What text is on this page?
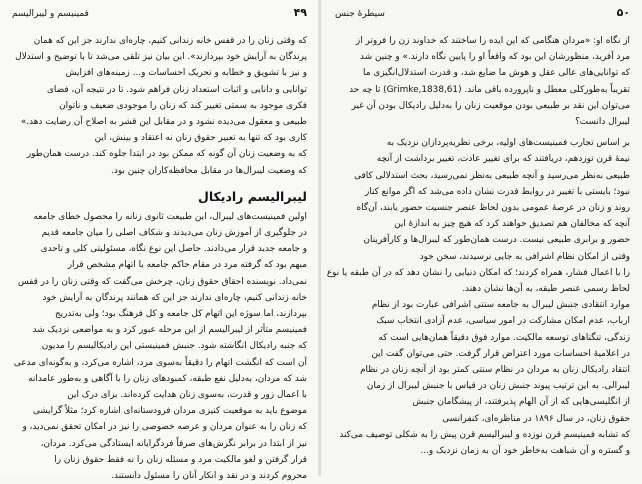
۴۹
فمینیسم و لیبرالیسم

که وقتی زنان را در قفس خانه زندانی کنیم، چاره‌ای ندارند جز این که همان

پرندگان به آرایش خود بپردازند». این بیان نیز تلقی می‌شد تا با توضیح و استدلال

و نیز با تشویق و خطابه و تحریک احساسات و... زمینه‌های افزایش

توانایی و دانایی و اثبات استعداد زنان فراهم شود. تا در نتیجه آن، فضای

فکری موجود به سمتی تغییر کند که زنان را موجودی ضعیف و ناتوان

طبیعی و معقول می‌دیده نشود و در مقابل این قشر به اصلاح آن رضایت دهد.»

کاری بود که تنها به تعبیر حقوق زنان نه اعتقاد و بینش، این

که به وضعیت زنان آن گونه که ممکن بود در ابتدا جلوه کند. درست همان‌طور

که وضعیت لیبرال‌ها در مقابل محافظه‌کاران چنین بود.

لیبرالیسم رادیکال

اولین فمینیست‌های لیبرال، این طبیعت ثانوی زنانه را محصول خطای جامعه

در جلوگیری از آموزش زنان می‌دیدند و شکاف اصلی را میان جامعه قدیم

و جامعه جدید قرار می‌دادند. حاصل این نوع نگاه، مسئولیتی کلی و تاحدی

مبهم بود که گرفته مرد در مقام حاکم جامعه با اتهام مشخص قرار

نمی‌داد. نویسنده احقاق حقوق زنان، چرخش می‌گفت که وقتی زنان را در قفس

خانه زندانی کنیم، چاره‌ای ندارند جز این که همانند پرندگان به آرایش خود

بپردازند، اما سوژه این اتهام کل جامعه و کل فرهنگ بود؛ ولی به‌تدریج

فمینیسم متأثر از لیبرالیسم از این مرحله عبور کرد و به مواضعی نزدیک شد

که جنبه رادیکال انگاشته شود. جنبش فمینیستی این رادیکالیسم را مدیون

آن است که انگشت اتهام را دقیقاً به‌سوی مرد، اشاره می‌کرد، و به‌گونه‌ای مدعی

شد که مردان، به‌دلیل نفع طبقه، کمبودهای زنان را با آگاهی و به‌طور عامدانه

با اعمال زور و قدرت، به‌سوی زنان هدایت کرده‌اند. برای درک این

موضوع باید به موقعیت کنیزی مردان فرودستانه‌ای اشاره کرد؛ مثلاً گرایشی

که زنان را به عنوان مردان و عرصه خصوصی را نیز در امکان تحقق نمی‌دید، و

نیز از ابتدا در برابر نگرش‌های صرفاً فردگرایانه ایستادگی می‌کرد. مردان،

قرار گرفتن و لغو مالکیت مرد و مسئله زنان را نه فقط حقوق زنان را

محروم کردند و در نقد و انکار آنان را مسئول دانستند.

۵۰
سیطرهٔ جنس

از نگاه او: «مردان هنگامی که این ایده را ساختند که خداوند زن را فروتر از

مرد آفرید، منظورشان این بود که واقعاً او را پایین نگاه دارند.» و چنین شد

که توانایی‌های عالی عقل و هوش ما ضایع شد، و قدرت استدلال‌انگیزی ما

تقریباً به‌طورکلی معطل و ناپرورده باقی ماند. (Grimke,1838,61) تا چه حد

می‌توان این نقد بر طبیعی بودن موقعیت زنان را به‌دلیل رادیکال بودن آن غیر

لیبرال دانست؟

بر اساس تجارب فمینیست‌های اولیه، برخی نظریه‌پردازان نزدیک به

نیمهٔ قرن نوزدهم، دریافتند که برای تغییر عادت، تغییر برداشت از آنچه

طبیعی به‌نظر می‌رسید و آنچه طبیعی به‌نظر نمی‌رسید، بحث استدلالی کافی

نبود؛ بایستی با تغییر در روابط قدرت نشان داده می‌شد که اگر موانع کنار

روند و زنان در عرصهٔ عمومی بدون لحاظ عنصر جنسیت حضور یابند، آن‌گاه

آنچه که مخالفان هم تصدیق خواهند کرد که هیچ چیز به اندازهٔ این

حضور و برابری طبیعی نیست. درست همان‌طور که لیبرال‌ها و کارآفرینان

وقتی از امکان نظام اشرافی به جایی نرسیدند، سخن خود

را با اعمال فشار، همراه کردند؛ که امکان دنیایی را نشان دهد که در آن طبقه یا نوع

لحاظ رسمی عنصر طبقه، به آن‌ها نشان دهند.

موارد انتقادی جنبش لیبرال به جامعه سنتی اشرافی عبارت بود از نظام

ارباب، عدم امکان مشارکت در امور سیاسی، عدم آزادی انتخاب سبک

زندگی، تنگناهای توسعه مالکیت. موارد فوق دقیقاً همان‌هایی است که

در اعلامیهٔ احساسات مورد اعتراض قرار گرفت. حتی می‌توان گفت این

انتقاد رادیکال زنان به مردان در نظام سنتی کمتر بود از آنچه زنان در نظام

لیبرالی. به این ترتیب پیوند جنبش زنان در قیاس با جنبش لیبرال از زمان

از انگلیسی‌هایی که از آن الهام پذیرفتند، از پیشگامان جنبش

حقوق زنان، در سال ۱۸۹۶ در مناظره‌ای، کنفرانسی

که تشابه فمینیسم قرن نوزده و لیبرالیسم قرن پیش را به شکلی توصیف می‌کند

و گستره و آن شباهت به‌خاطر خود آن به زمان نزدیک و...
